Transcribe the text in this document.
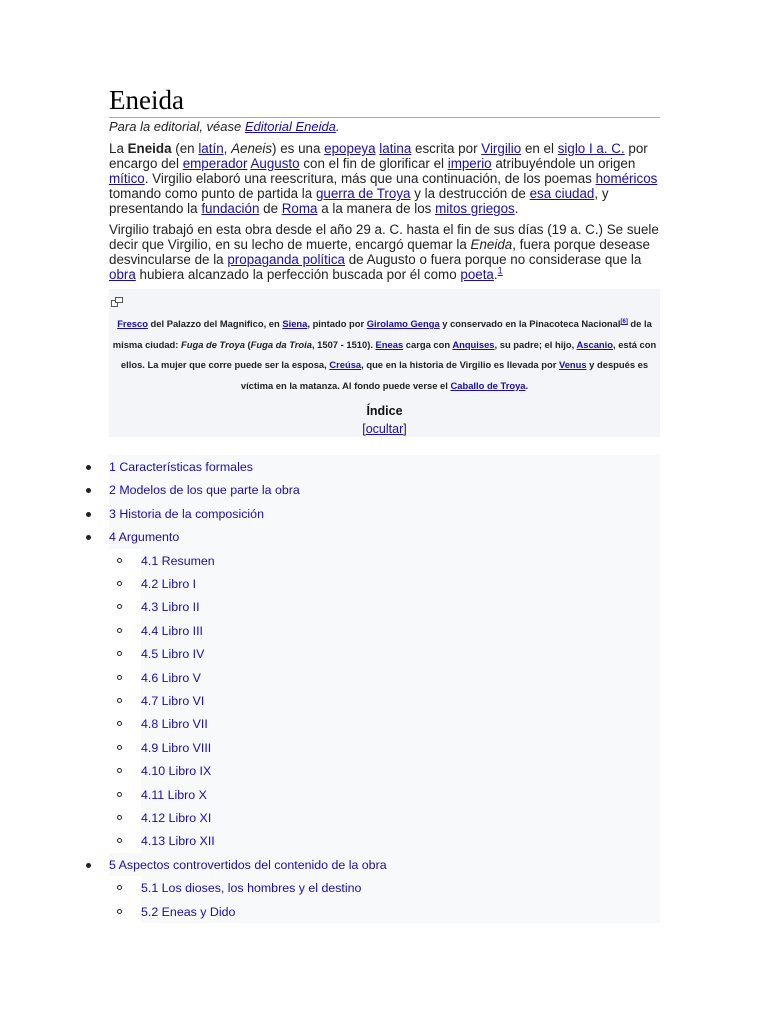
Eneida
Para la editorial, véase Editorial Eneida.
La Eneida (en latín, Aeneis) es una epopeya latina escrita por Virgilio en el siglo I a. C. por encargo del emperador Augusto con el fin de glorificar el imperio atribuyéndole un origen mítico. Virgilio elaboró una reescritura, más que una continuación, de los poemas homéricos tomando como punto de partida la guerra de Troya y la destrucción de esa ciudad, y presentando la fundación de Roma a la manera de los mitos griegos.
Virgilio trabajó en esta obra desde el año 29 a. C. hasta el fin de sus días (19 a. C.) Se suele decir que Virgilio, en su lecho de muerte, encargó quemar la Eneida, fuera porque desease desvincularse de la propaganda política de Augusto o fuera porque no considerase que la obra hubiera alcanzado la perfección buscada por él como poeta.$^1$
Fresco del Palazzo del Magnifico, en Siena, pintado por Girolamo Genga y conservado en la Pinacoteca Nacional[6] de la misma ciudad: Fuga de Troya (Fuga da Troia, 1507 - 1510). Eneas carga con Anquises, su padre; el hijo, Ascanio, está con ellos. La mujer que corre puede ser la esposa, Creúsa, que en la historia de Virgilio es llevada por Venus y después es víctima en la matanza. Al fondo puede verse el Caballo de Troya.
Índice
[ocultar]
1 Características formales
2 Modelos de los que parte la obra
3 Historia de la composición
4 Argumento
4.1 Resumen
4.2 Libro I
4.3 Libro II
4.4 Libro III
4.5 Libro IV
4.6 Libro V
4.7 Libro VI
4.8 Libro VII
4.9 Libro VIII
4.10 Libro IX
4.11 Libro X
4.12 Libro XI
4.13 Libro XII
5 Aspectos controvertidos del contenido de la obra
5.1 Los dioses, los hombres y el destino
5.2 Eneas y Dido
